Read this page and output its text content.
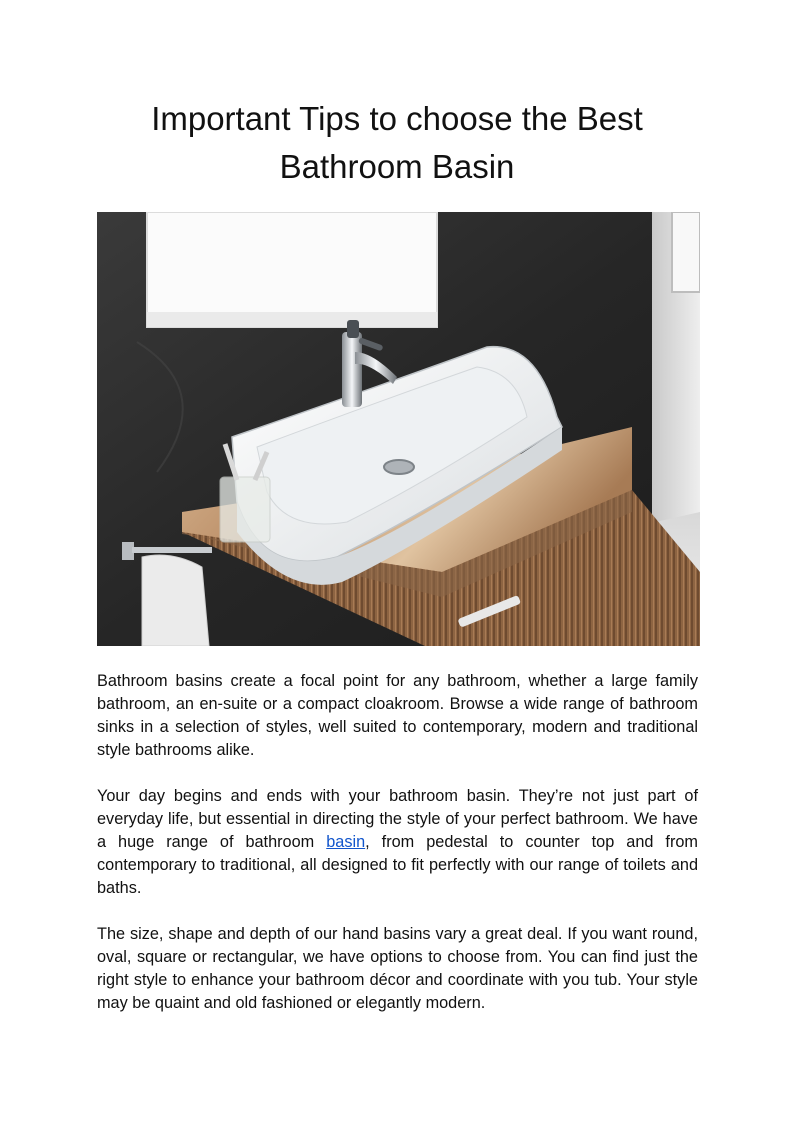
Important Tips to choose the Best
Bathroom Basin

Bathroom basins create a focal point for any bathroom, whether a large family bathroom, an en-suite or a compact cloakroom. Browse a wide range of bathroom sinks in a selection of styles, well suited to contemporary, modern and traditional style bathrooms alike.

Your day begins and ends with your bathroom basin. They’re not just part of everyday life, but essential in directing the style of your perfect bathroom. We have a huge range of bathroom basin, from pedestal to counter top and from contemporary to traditional, all designed to fit perfectly with our range of toilets and baths.

The size, shape and depth of our hand basins vary a great deal. If you want round, oval, square or rectangular, we have options to choose from. You can find just the right style to enhance your bathroom décor and coordinate with you tub. Your style may be quaint and old fashioned or elegantly modern.
